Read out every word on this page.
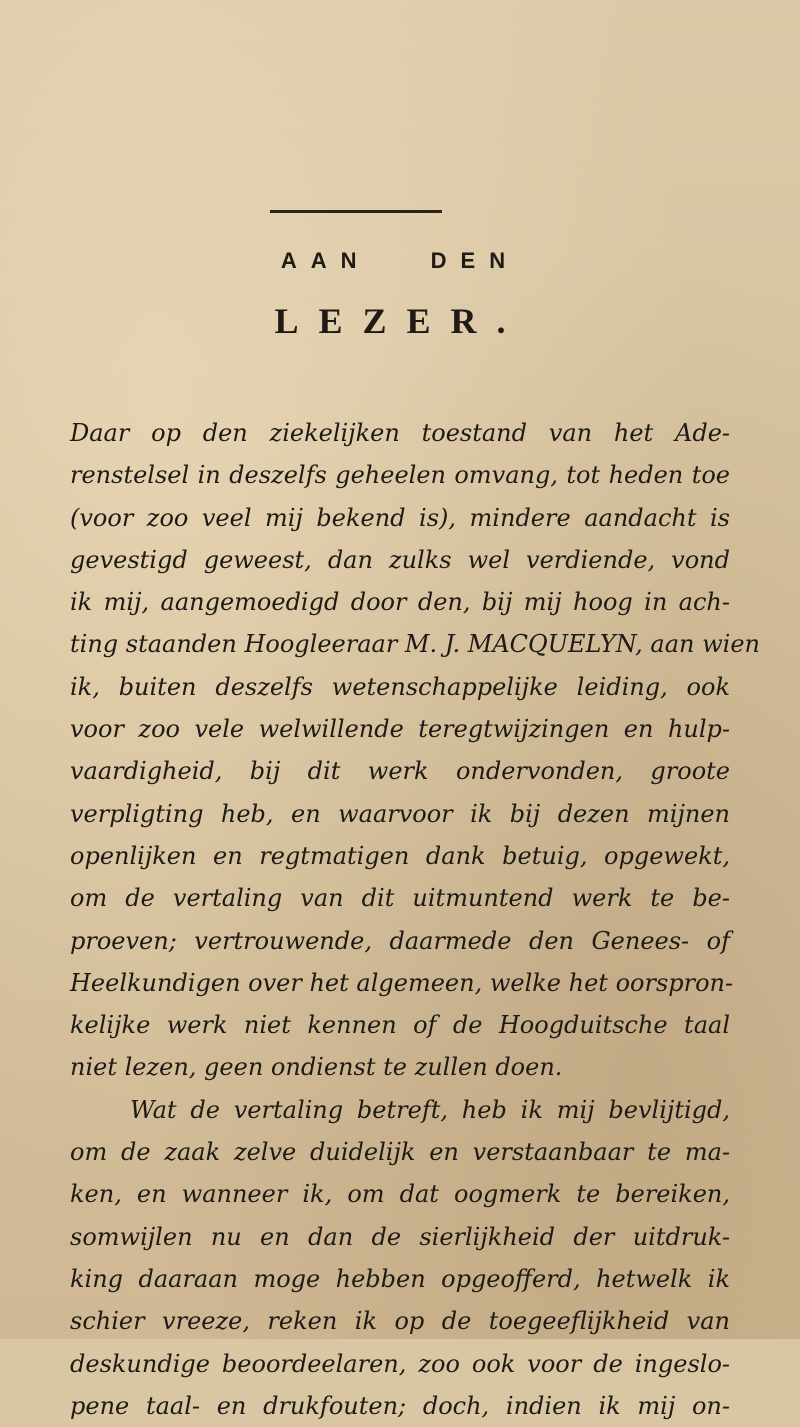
AAN DEN
LEZER.
Daar op den ziekelijken toestand van het Ade-
renstelsel in deszelfs geheelen omvang, tot heden toe
(voor zoo veel mij bekend is), mindere aandacht is
gevestigd geweest, dan zulks wel verdiende, vond
ik mij, aangemoedigd door den, bij mij hoog in ach-
ting staanden Hoogleeraar M. J. MACQUELYN, aan wien
ik, buiten deszelfs wetenschappelijke leiding, ook
voor zoo vele welwillende teregtwijzingen en hulp-
vaardigheid, bij dit werk ondervonden, groote
verpligting heb, en waarvoor ik bij dezen mijnen
openlijken en regtmatigen dank betuig, opgewekt,
om de vertaling van dit uitmuntend werk te be-
proeven; vertrouwende, daarmede den Genees- of
Heelkundigen over het algemeen, welke het oorspron-
kelijke werk niet kennen of de Hoogduitsche taal
niet lezen, geen ondienst te zullen doen.
Wat de vertaling betreft, heb ik mij bevlijtigd,
om de zaak zelve duidelijk en verstaanbaar te ma-
ken, en wanneer ik, om dat oogmerk te bereiken,
somwijlen nu en dan de sierlijkheid der uitdruk-
king daaraan moge hebben opgeofferd, hetwelk ik
schier vreeze, reken ik op de toegeeflijkheid van
deskundige beoordeelaren, zoo ook voor de ingeslo-
pene taal- en drukfouten; doch, indien ik mij on-
